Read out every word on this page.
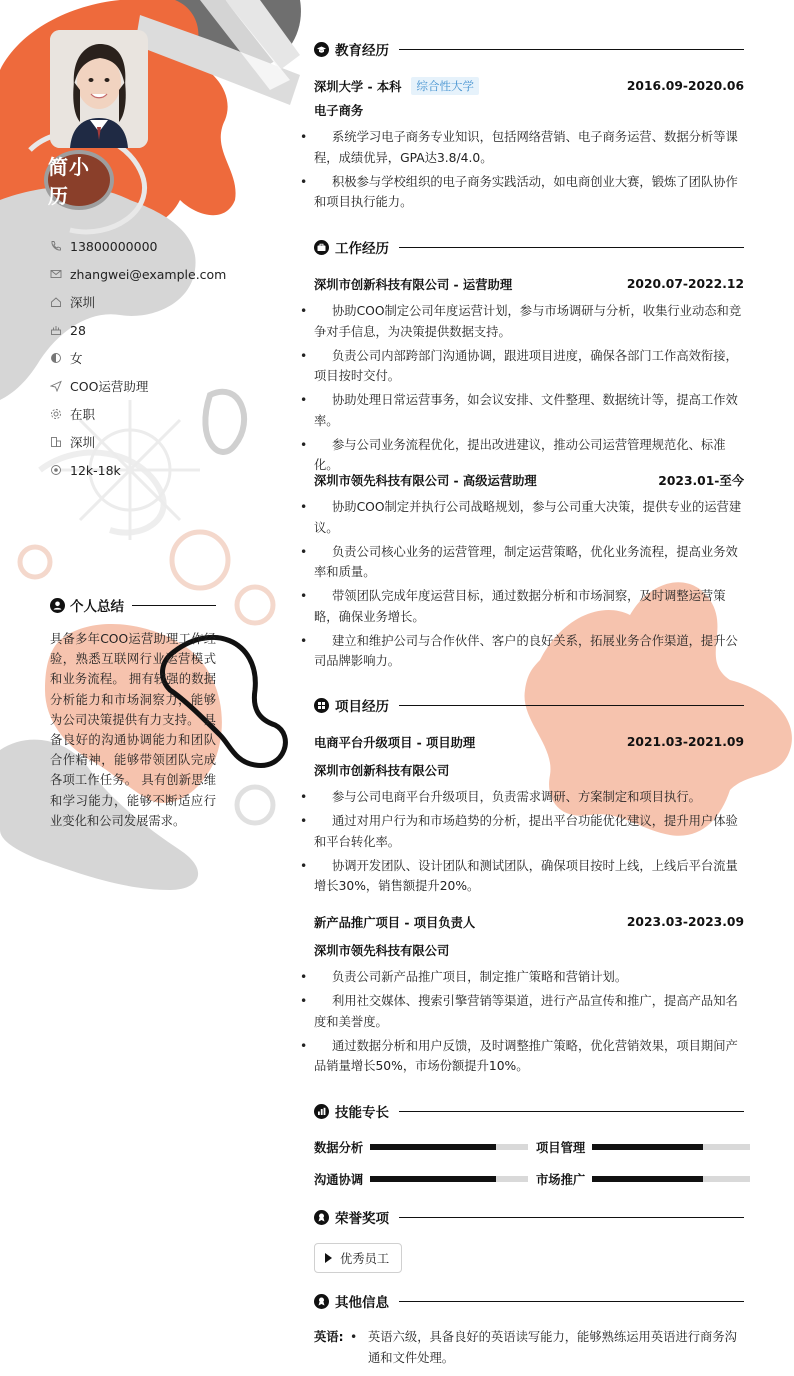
简小历
13800000000
zhangwei@example.com
深圳
28
女
COO运营助理
在职
深圳
12k-18k
个人总结
具备多年COO运营助理工作经验，熟悉互联网行业运营模式和业务流程。 拥有较强的数据分析能力和市场洞察力，能够为公司决策提供有力支持。 具备良好的沟通协调能力和团队合作精神，能够带领团队完成各项工作任务。 具有创新思维和学习能力，能够不断适应行业变化和公司发展需求。
教育经历
深圳大学 - 本科	综合性大学	2016.09-2020.06
电子商务
• 系统学习电子商务专业知识，包括网络营销、电子商务运营、数据分析等课程，成绩优异，GPA达3.8/4.0。
• 积极参与学校组织的电子商务实践活动，如电商创业大赛，锻炼了团队协作和项目执行能力。
工作经历
深圳市创新科技有限公司 - 运营助理	2020.07-2022.12
• 协助COO制定公司年度运营计划，参与市场调研与分析，收集行业动态和竞争对手信息，为决策提供数据支持。
• 负责公司内部跨部门沟通协调，跟进项目进度，确保各部门工作高效衔接，项目按时交付。
• 协助处理日常运营事务，如会议安排、文件整理、数据统计等，提高工作效率。
• 参与公司业务流程优化，提出改进建议，推动公司运营管理规范化、标准化。
深圳市领先科技有限公司 - 高级运营助理	2023.01-至今
• 协助COO制定并执行公司战略规划，参与公司重大决策，提供专业的运营建议。
• 负责公司核心业务的运营管理，制定运营策略，优化业务流程，提高业务效率和质量。
• 带领团队完成年度运营目标，通过数据分析和市场洞察，及时调整运营策略，确保业务增长。
• 建立和维护公司与合作伙伴、客户的良好关系，拓展业务合作渠道，提升公司品牌影响力。
项目经历
电商平台升级项目 - 项目助理	2021.03-2021.09
深圳市创新科技有限公司
• 参与公司电商平台升级项目，负责需求调研、方案制定和项目执行。
• 通过对用户行为和市场趋势的分析，提出平台功能优化建议，提升用户体验和平台转化率。
• 协调开发团队、设计团队和测试团队，确保项目按时上线，上线后平台流量增长30%，销售额提升20%。
新产品推广项目 - 项目负责人	2023.03-2023.09
深圳市领先科技有限公司
• 负责公司新产品推广项目，制定推广策略和营销计划。
• 利用社交媒体、搜索引擎营销等渠道，进行产品宣传和推广，提高产品知名度和美誉度。
• 通过数据分析和用户反馈，及时调整推广策略，优化营销效果，项目期间产品销量增长50%，市场份额提升10%。
技能专长
数据分析	项目管理
沟通协调	市场推广
荣誉奖项
优秀员工
其他信息
英语:
•	英语六级，具备良好的英语读写能力，能够熟练运用英语进行商务沟通和文件处理。
